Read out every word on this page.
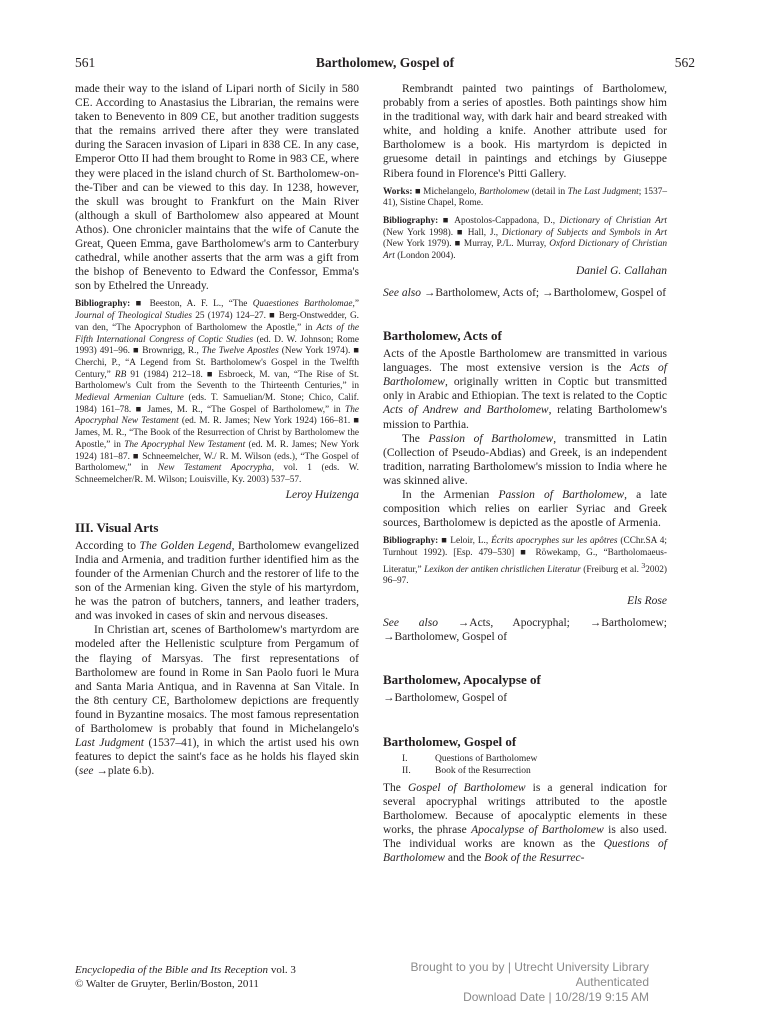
561	Bartholomew, Gospel of	562

made their way to the island of Lipari north of Sicily in 580 CE. According to Anastasius the Librarian, the remains were taken to Benevento in 809 CE, but another tradition suggests that the remains arrived there after they were translated during the Saracen invasion of Lipari in 838 CE. In any case, Emperor Otto II had them brought to Rome in 983 CE, where they were placed in the island church of St. Bartholomew-on-the-Tiber and can be viewed to this day. In 1238, however, the skull was brought to Frankfurt on the Main River (although a skull of Bartholomew also appeared at Mount Athos). One chronicler maintains that the wife of Canute the Great, Queen Emma, gave Bartholomew's arm to Canterbury cathedral, while another asserts that the arm was a gift from the bishop of Benevento to Edward the Confessor, Emma's son by Ethelred the Unready.

Bibliography: ■ Beeston, A. F. L., “The Quaestiones Bartholomae,” Journal of Theological Studies 25 (1974) 124–27. ■ Berg-Onstwedder, G. van den, “The Apocryphon of Bartholomew the Apostle,” in Acts of the Fifth International Congress of Coptic Studies (ed. D. W. Johnson; Rome 1993) 491–96. ■ Brownrigg, R., The Twelve Apostles (New York 1974). ■ Cherchi, P., “A Legend from St. Bartholomew's Gospel in the Twelfth Century,” RB 91 (1984) 212–18. ■ Esbroeck, M. van, “The Rise of St. Bartholomew's Cult from the Seventh to the Thirteenth Centuries,” in Medieval Armenian Culture (eds. T. Samuelian/M. Stone; Chico, Calif. 1984) 161–78. ■ James, M. R., “The Gospel of Bartholomew,” in The Apocryphal New Testament (ed. M. R. James; New York 1924) 166–81. ■ James, M. R., “The Book of the Resurrection of Christ by Bartholomew the Apostle,” in The Apocryphal New Testament (ed. M. R. James; New York 1924) 181–87. ■ Schneemelcher, W./ R. M. Wilson (eds.), “The Gospel of Bartholomew,” in New Testament Apocrypha, vol. 1 (eds. W. Schneemelcher/R. M. Wilson; Louisville, Ky. 2003) 537–57.

Leroy Huizenga

III. Visual Arts

According to The Golden Legend, Bartholomew evangelized India and Armenia, and tradition further identified him as the founder of the Armenian Church and the restorer of life to the son of the Armenian king. Given the style of his martyrdom, he was the patron of butchers, tanners, and leather traders, and was invoked in cases of skin and nervous diseases.

In Christian art, scenes of Bartholomew's martyrdom are modeled after the Hellenistic sculpture from Pergamum of the flaying of Marsyas. The first representations of Bartholomew are found in Rome in San Paolo fuori le Mura and Santa Maria Antiqua, and in Ravenna at San Vitale. In the 8th century CE, Bartholomew depictions are frequently found in Byzantine mosaics. The most famous representation of Bartholomew is probably that found in Michelangelo's Last Judgment (1537–41), in which the artist used his own features to depict the saint's face as he holds his flayed skin (see →plate 6.b).

Rembrandt painted two paintings of Bartholomew, probably from a series of apostles. Both paintings show him in the traditional way, with dark hair and beard streaked with white, and holding a knife. Another attribute used for Bartholomew is a book. His martyrdom is depicted in gruesome detail in paintings and etchings by Giuseppe Ribera found in Florence's Pitti Gallery.

Works: ■ Michelangelo, Bartholomew (detail in The Last Judgment; 1537–41), Sistine Chapel, Rome.

Bibliography: ■ Apostolos-Cappadona, D., Dictionary of Christian Art (New York 1998). ■ Hall, J., Dictionary of Subjects and Symbols in Art (New York 1979). ■ Murray, P./L. Murray, Oxford Dictionary of Christian Art (London 2004).

Daniel G. Callahan

See also →Bartholomew, Acts of; →Bartholomew, Gospel of

Bartholomew, Acts of

Acts of the Apostle Bartholomew are transmitted in various languages. The most extensive version is the Acts of Bartholomew, originally written in Coptic but transmitted only in Arabic and Ethiopian. The text is related to the Coptic Acts of Andrew and Bartholomew, relating Bartholomew's mission to Parthia.

The Passion of Bartholomew, transmitted in Latin (Collection of Pseudo-Abdias) and Greek, is an independent tradition, narrating Bartholomew's mission to India where he was skinned alive.

In the Armenian Passion of Bartholomew, a late composition which relies on earlier Syriac and Greek sources, Bartholomew is depicted as the apostle of Armenia.

Bibliography: ■ Leloir, L., Écrits apocryphes sur les apôtres (CChr.SA 4; Turnhout 1992). [Esp. 479–530] ■ Röwekamp, G., “Bartholomaeus-Literatur,” Lexikon der antiken christlichen Literatur (Freiburg et al. $^3$2002) 96–97.

Els Rose

See also →Acts, Apocryphal; →Bartholomew; →Bartholomew, Gospel of

Bartholomew, Apocalypse of

→Bartholomew, Gospel of

Bartholomew, Gospel of
I.	Questions of Bartholomew
II.	Book of the Resurrection

The Gospel of Bartholomew is a general indication for several apocryphal writings attributed to the apostle Bartholomew. Because of apocalyptic elements in these works, the phrase Apocalypse of Bartholomew is also used. The individual works are known as the Questions of Bartholomew and the Book of the Resurrec-

Encyclopedia of the Bible and Its Reception vol. 3
© Walter de Gruyter, Berlin/Boston, 2011
Brought to you by | Utrecht University Library
Authenticated
Download Date | 10/28/19 9:15 AM
